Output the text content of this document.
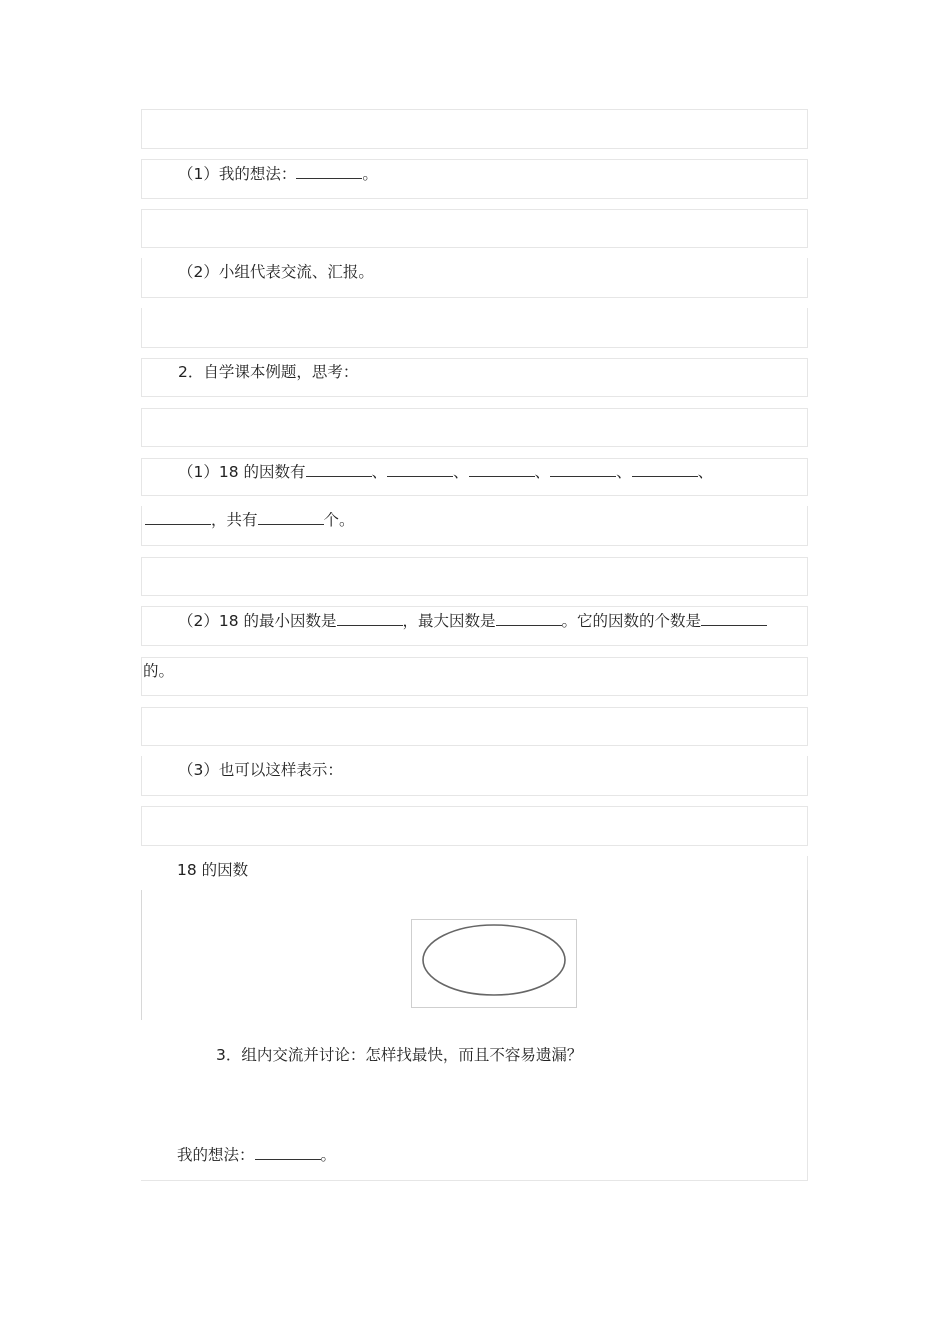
（1）我的想法：	。
（2）小组代表交流、汇报。
2．自学课本例题，思考：
（1）18 的因数有	、	、	、	、	、
，共有	个。
（2）18 的最小因数是	，最大因数是	。它的因数的个数是
的。
（3）也可以这样表示：
18 的因数
3．组内交流并讨论：怎样找最快，而且不容易遗漏？
我的想法：	。
